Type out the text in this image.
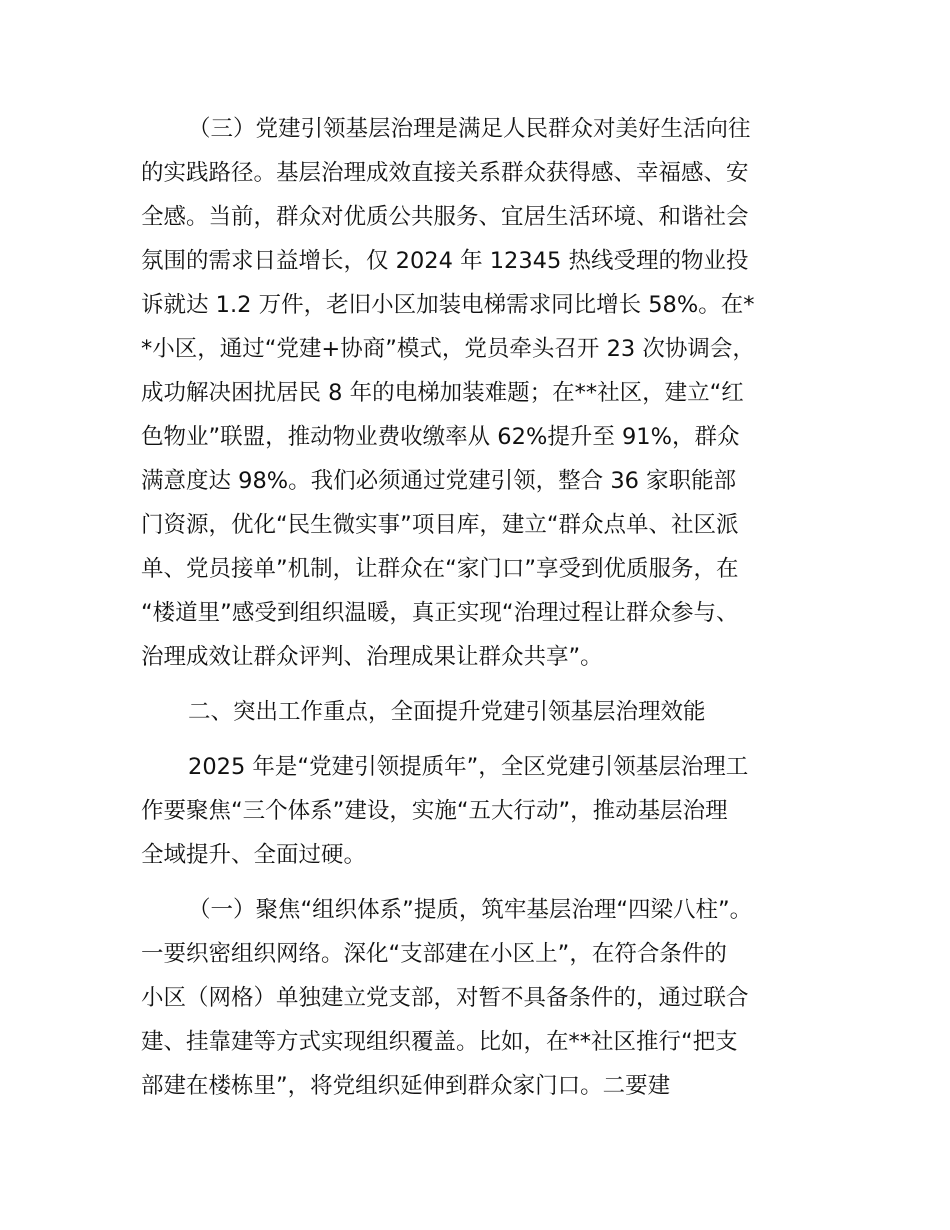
（三）党建引领基层治理是满足人民群众对美好生活向往
的实践路径。基层治理成效直接关系群众获得感、幸福感、安
全感。当前，群众对优质公共服务、宜居生活环境、和谐社会
氛围的需求日益增长，仅 2024 年 12345 热线受理的物业投
诉就达 1.2 万件，老旧小区加装电梯需求同比增长 58%。在*
*小区，通过“党建+协商”模式，党员牵头召开 23 次协调会，
成功解决困扰居民 8 年的电梯加装难题；在**社区，建立“红
色物业”联盟，推动物业费收缴率从 62%提升至 91%，群众
满意度达 98%。我们必须通过党建引领，整合 36 家职能部
门资源，优化“民生微实事”项目库，建立“群众点单、社区派
单、党员接单”机制，让群众在“家门口”享受到优质服务，在
“楼道里”感受到组织温暖，真正实现“治理过程让群众参与、
治理成效让群众评判、治理成果让群众共享”。
二、突出工作重点，全面提升党建引领基层治理效能
2025 年是“党建引领提质年”，全区党建引领基层治理工
作要聚焦“三个体系”建设，实施“五大行动”，推动基层治理
全域提升、全面过硬。
（一）聚焦“组织体系”提质，筑牢基层治理“四梁八柱”。
一要织密组织网络。深化“支部建在小区上”，在符合条件的
小区（网格）单独建立党支部，对暂不具备条件的，通过联合
建、挂靠建等方式实现组织覆盖。比如，在**社区推行“把支
部建在楼栋里”，将党组织延伸到群众家门口。二要建
